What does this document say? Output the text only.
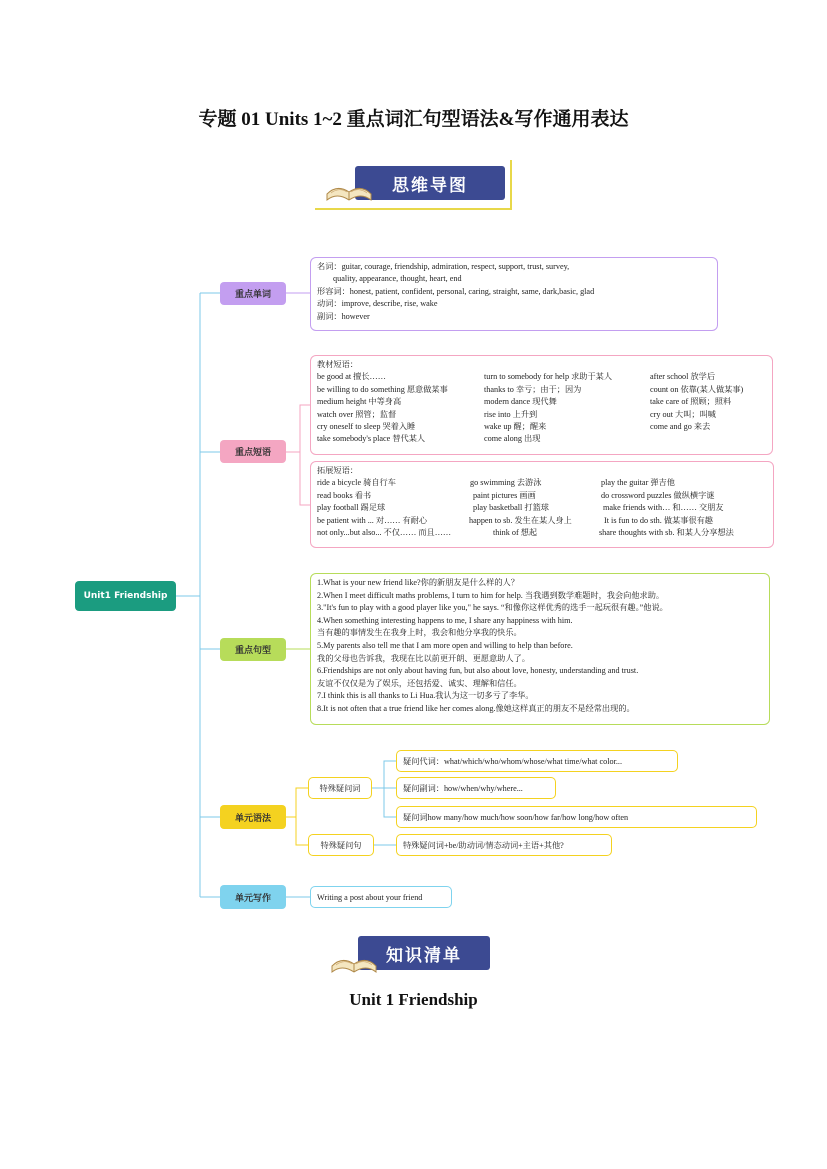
专题 01 Units 1~2 重点词汇句型语法&写作通用表达
思维导图
Unit1 Friendship
重点单词
重点短语
重点句型
单元语法
单元写作
名词：guitar, courage, friendship, admiration, respect, support, trust, survey,
quality, appearance, thought, heart, end
形容词：honest, patient, confident, personal, caring, straight, same, dark,basic, glad
动词：improve, describe, rise, wake
副词：however
教材短语：
be good at 擅长……	turn to somebody for help 求助于某人	after school 放学后
be willing to do something 愿意做某事	thanks to 幸亏；由于；因为	count on 依靠(某人做某事)
medium height 中等身高	modern dance 现代舞	take care of 照顾；照料
watch over 照管；监督	rise into 上升到	cry out 大叫；叫喊
cry oneself to sleep 哭着入睡	wake up 醒；醒来	come and go 来去
take somebody's place 替代某人	come along 出现
拓展短语：
ride a bicycle 骑自行车	go swimming 去游泳	play the guitar 弹吉他
read books 看书	paint pictures 画画	do crossword puzzles 做纵横字谜
play football 踢足球	play basketball 打篮球	make friends with… 和…… 交朋友
be patient with ... 对…… 有耐心	happen to sb. 发生在某人身上	It is fun to do sth. 做某事很有趣
not only...but also... 不仅…… 而且……	think of 想起	share thoughts with sb. 和某人分享想法
1.What is your new friend like?你的新朋友是什么样的人？
2.When I meet difficult maths problems, I turn to him for help. 当我遇到数学难题时，我会向他求助。
3."It's fun to play with a good player like you," he says. “和像你这样优秀的选手一起玩很有趣。”他说。
4.When something interesting happens to me, I share any happiness with him.
当有趣的事情发生在我身上时，我会和他分享我的快乐。
5.My parents also tell me that I am more open and willing to help than before.
我的父母也告诉我，我现在比以前更开朗、更愿意助人了。
6.Friendships are not only about having fun, but also about love, honesty, understanding and trust.
友谊不仅仅是为了娱乐，还包括爱、诚实、理解和信任。
7.I think this is all thanks to Li Hua.我认为这一切多亏了李华。
8.It is not often that a true friend like her comes along.像她这样真正的朋友不是经常出现的。
特殊疑问词
特殊疑问句
疑问代词：what/which/who/whom/whose/what time/what color...
疑问副词：how/when/why/where...
疑问词how many/how much/how soon/how far/how long/how often
特殊疑问词+be/助动词/情态动词+主语+其他?
Writing a post about your friend
知识清单
Unit 1 Friendship
